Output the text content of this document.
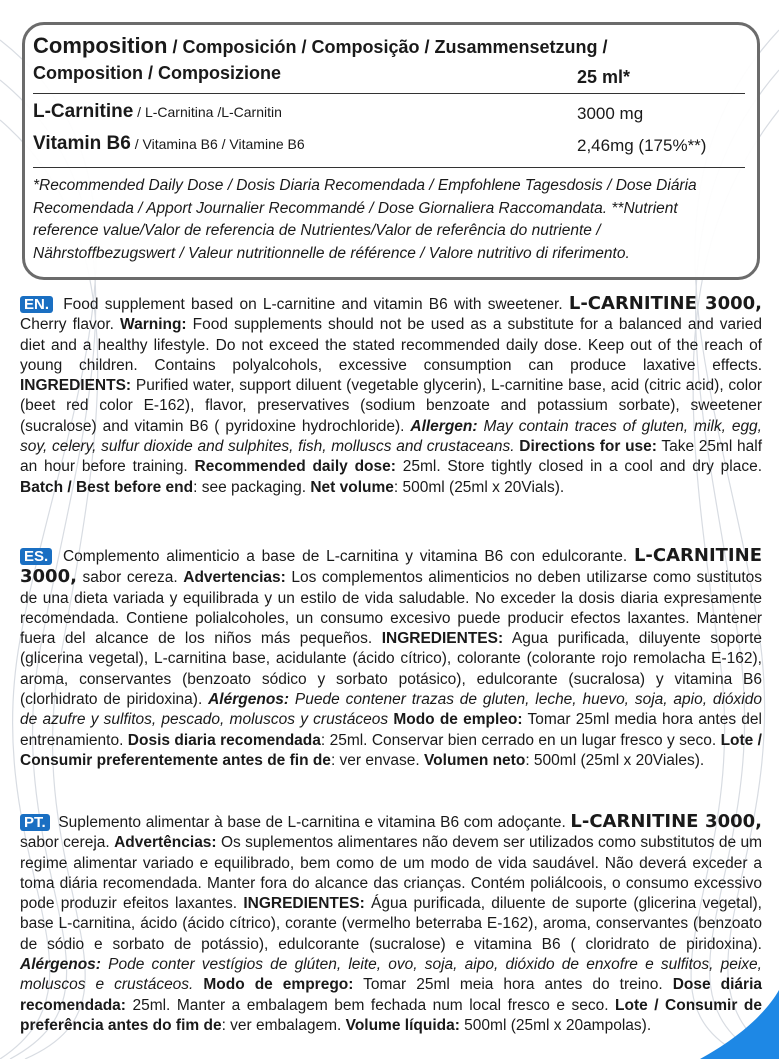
Composition / Composición / Composição / Zusammensetzung /
Composition / Composizione	25 ml*
L-Carnitine / L-Carnitina /L-Carnitin	3000 mg
Vitamin B6 / Vitamina B6 / Vitamine B6	2,46mg (175%**)
*Recommended Daily Dose / Dosis Diaria Recomendada / Empfohlene Tagesdosis / Dose Diária Recomendada / Apport Journalier Recommandé / Dose Giornaliera Raccomandata. **Nutrient reference value/Valor de referencia de Nutrientes/Valor de referência do nutriente / Nährstoffbezugswert / Valeur nutritionnelle de référence / Valore nutritivo di riferimento.

EN. Food supplement based on L-carnitine and vitamin B6 with sweetener. L-CARNITINE 3000, Cherry flavor. Warning: Food supplements should not be used as a substitute for a balanced and varied diet and a healthy lifestyle. Do not exceed the stated recommended daily dose. Keep out of the reach of young children. Contains polyalcohols, excessive consumption can produce laxative effects. INGREDIENTS: Purified water, support diluent (vegetable glycerin), L-carnitine base, acid (citric acid), color (beet red color E-162), flavor, preservatives (sodium benzoate and potassium sorbate), sweetener (sucralose) and vitamin B6 ( pyridoxine hydrochloride). Allergen: May contain traces of gluten, milk, egg, soy, celery, sulfur dioxide and sulphites, fish, molluscs and crustaceans. Directions for use: Take 25ml half an hour before training. Recommended daily dose: 25ml. Store tightly closed in a cool and dry place. Batch / Best before end: see packaging. Net volume: 500ml (25ml x 20Vials).

ES. Complemento alimenticio a base de L-carnitina y vitamina B6 con edulcorante. L-CARNITINE 3000, sabor cereza. Advertencias: Los complementos alimenticios no deben utilizarse como sustitutos de una dieta variada y equilibrada y un estilo de vida saludable. No exceder la dosis diaria expresamente recomendada. Contiene polialcoholes, un consumo excesivo puede producir efectos laxantes. Mantener fuera del alcance de los niños más pequeños. INGREDIENTES: Agua purificada, diluyente soporte (glicerina vegetal), L-carnitina base, acidulante (ácido cítrico), colorante (colorante rojo remolacha E-162), aroma, conservantes (benzoato sódico y sorbato potásico), edulcorante (sucralosa) y vitamina B6 (clorhidrato de piridoxina). Alérgenos: Puede contener trazas de gluten, leche, huevo, soja, apio, dióxido de azufre y sulfitos, pescado, moluscos y crustáceos Modo de empleo: Tomar 25ml media hora antes del entrenamiento. Dosis diaria recomendada: 25ml. Conservar bien cerrado en un lugar fresco y seco. Lote / Consumir preferentemente antes de fin de: ver envase. Volumen neto: 500ml (25ml x 20Viales).

PT. Suplemento alimentar à base de L-carnitina e vitamina B6 com adoçante. L-CARNITINE 3000, sabor cereja. Advertências: Os suplementos alimentares não devem ser utilizados como substitutos de um regime alimentar variado e equilibrado, bem como de um modo de vida saudável. Não deverá exceder a toma diária recomendada. Manter fora do alcance das crianças. Contém poliálcoois, o consumo excessivo pode produzir efeitos laxantes. INGREDIENTES: Água purificada, diluente de suporte (glicerina vegetal), base L-carnitina, ácido (ácido cítrico), corante (vermelho beterraba E-162), aroma, conservantes (benzoato de sódio e sorbato de potássio), edulcorante (sucralose) e vitamina B6 ( cloridrato de piridoxina). Alérgenos: Pode conter vestígios de glúten, leite, ovo, soja, aipo, dióxido de enxofre e sulfitos, peixe, moluscos e crustáceos. Modo de emprego: Tomar 25ml meia hora antes do treino. Dose diária recomendada: 25ml. Manter a embalagem bem fechada num local fresco e seco. Lote / Consumir de preferência antes do fim de: ver embalagem. Volume líquida: 500ml (25ml x 20ampolas).
